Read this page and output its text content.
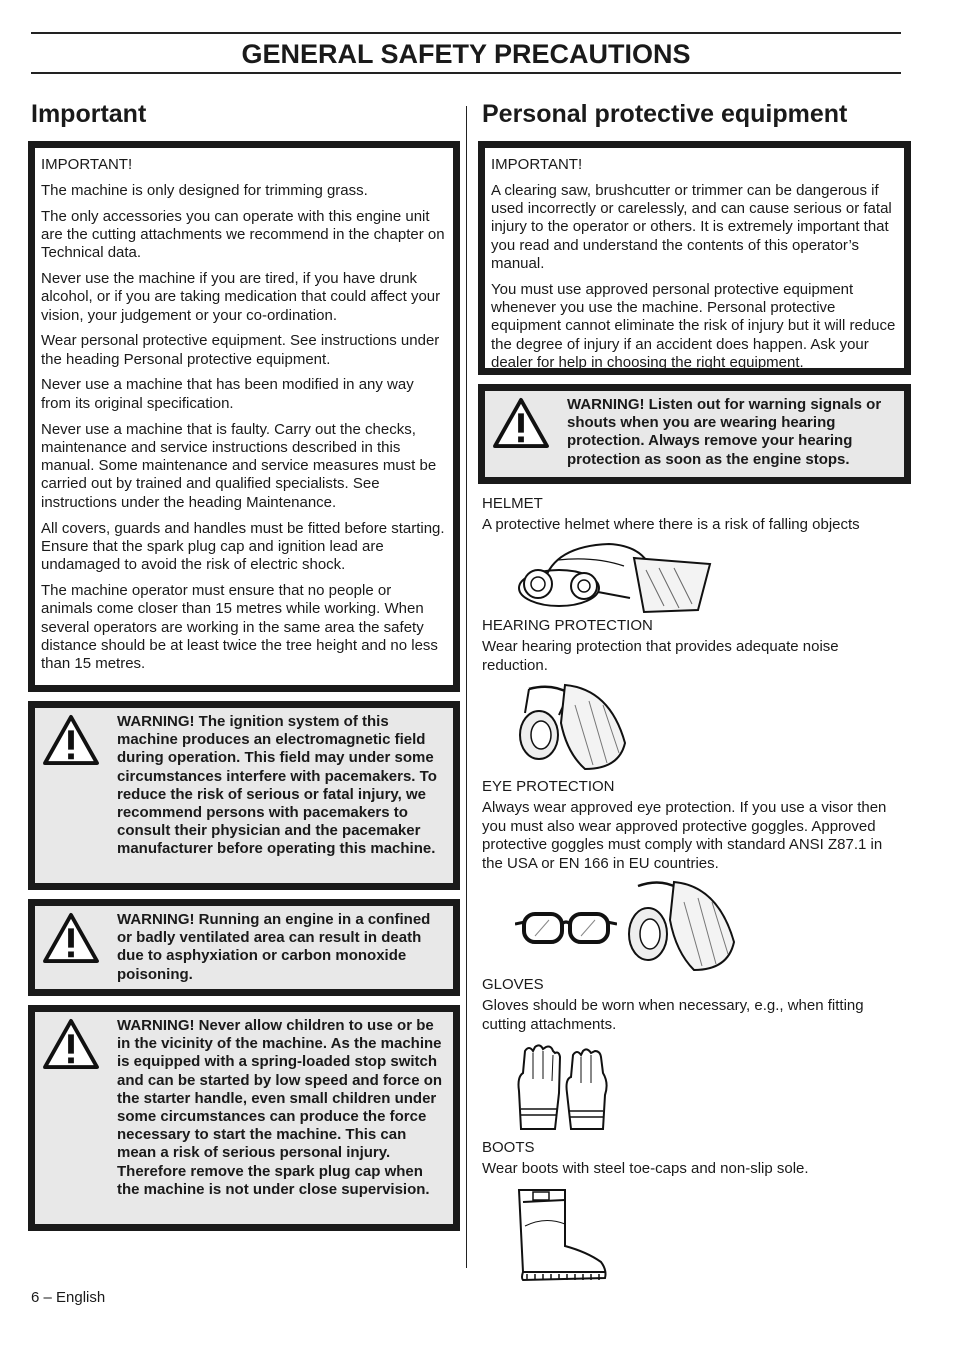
GENERAL SAFETY PRECAUTIONS
Important

IMPORTANT!

The machine is only designed for trimming grass.

The only accessories you can operate with this engine unit are the cutting attachments we recommend in the chapter on Technical data.

Never use the machine if you are tired, if you have drunk alcohol, or if you are taking medication that could affect your vision, your judgement or your co-ordination.

Wear personal protective equipment. See instructions under the heading Personal protective equipment.

Never use a machine that has been modified in any way from its original specification.

Never use a machine that is faulty. Carry out the checks, maintenance and service instructions described in this manual. Some maintenance and service measures must be carried out by trained and qualified specialists. See instructions under the heading Maintenance.

All covers, guards and handles must be fitted before starting. Ensure that the spark plug cap and ignition lead are undamaged to avoid the risk of electric shock.

The machine operator must ensure that no people or animals come closer than 15 metres while working. When several operators are working in the same area the safety distance should be at least twice the tree height and no less than 15 metres.

WARNING! The ignition system of this machine produces an electromagnetic field during operation. This field may under some circumstances interfere with pacemakers. To reduce the risk of serious or fatal injury, we recommend persons with pacemakers to consult their physician and the pacemaker manufacturer before operating this machine.
WARNING! Running an engine in a confined or badly ventilated area can result in death due to asphyxiation or carbon monoxide poisoning.
WARNING! Never allow children to use or be in the vicinity of the machine. As the machine is equipped with a spring-loaded stop switch and can be started by low speed and force on the starter handle, even small children under some circumstances can produce the force necessary to start the machine. This can mean a risk of serious personal injury. Therefore remove the spark plug cap when the machine is not under close supervision.
Personal protective equipment

IMPORTANT!

A clearing saw, brushcutter or trimmer can be dangerous if used incorrectly or carelessly, and can cause serious or fatal injury to the operator or others. It is extremely important that you read and understand the contents of this operator’s manual.

You must use approved personal protective equipment whenever you use the machine. Personal protective equipment cannot eliminate the risk of injury but it will reduce the degree of injury if an accident does happen. Ask your dealer for help in choosing the right equipment.

WARNING! Listen out for warning signals or shouts when you are wearing hearing protection. Always remove your hearing protection as soon as the engine stops.
HELMET
A protective helmet where there is a risk of falling objects
HEARING PROTECTION
Wear hearing protection that provides adequate noise reduction.
EYE PROTECTION
Always wear approved eye protection. If you use a visor then you must also wear approved protective goggles. Approved protective goggles must comply with standard ANSI Z87.1 in the USA or EN 166 in EU countries.
GLOVES
Gloves should be worn when necessary, e.g., when fitting cutting attachments.
BOOTS
Wear boots with steel toe-caps and non-slip sole.
6 – English
